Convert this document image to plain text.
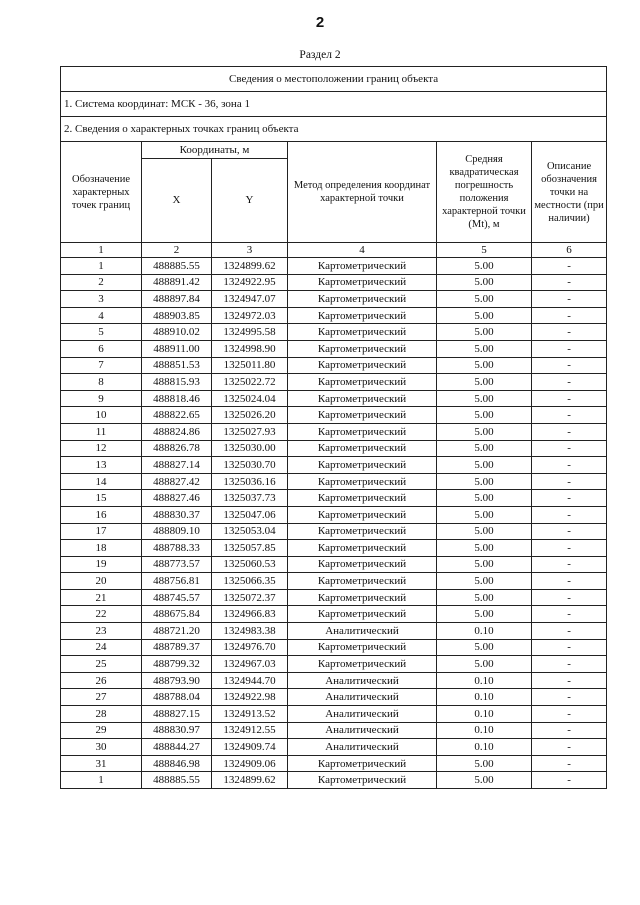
2
Раздел 2
Сведения о местоположении границ объекта					
1. Система координат: МСК - 36, зона 1					
2. Сведения о характерных точках границ объекта					
Обозначение характерных точек границ	Координаты, м		Метод определения координат характерной точки	Средняя квадратическая погрешность положения характерной точки (Mt), м	Описание обозначения точки на местности (при наличии)
	X	Y			
1	2	3	4	5	6
1	488885.55	1324899.62	Картометрический	5.00	-
2	488891.42	1324922.95	Картометрический	5.00	-
3	488897.84	1324947.07	Картометрический	5.00	-
4	488903.85	1324972.03	Картометрический	5.00	-
5	488910.02	1324995.58	Картометрический	5.00	-
6	488911.00	1324998.90	Картометрический	5.00	-
7	488851.53	1325011.80	Картометрический	5.00	-
8	488815.93	1325022.72	Картометрический	5.00	-
9	488818.46	1325024.04	Картометрический	5.00	-
10	488822.65	1325026.20	Картометрический	5.00	-
11	488824.86	1325027.93	Картометрический	5.00	-
12	488826.78	1325030.00	Картометрический	5.00	-
13	488827.14	1325030.70	Картометрический	5.00	-
14	488827.42	1325036.16	Картометрический	5.00	-
15	488827.46	1325037.73	Картометрический	5.00	-
16	488830.37	1325047.06	Картометрический	5.00	-
17	488809.10	1325053.04	Картометрический	5.00	-
18	488788.33	1325057.85	Картометрический	5.00	-
19	488773.57	1325060.53	Картометрический	5.00	-
20	488756.81	1325066.35	Картометрический	5.00	-
21	488745.57	1325072.37	Картометрический	5.00	-
22	488675.84	1324966.83	Картометрический	5.00	-
23	488721.20	1324983.38	Аналитический	0.10	-
24	488789.37	1324976.70	Картометрический	5.00	-
25	488799.32	1324967.03	Картометрический	5.00	-
26	488793.90	1324944.70	Аналитический	0.10	-
27	488788.04	1324922.98	Аналитический	0.10	-
28	488827.15	1324913.52	Аналитический	0.10	-
29	488830.97	1324912.55	Аналитический	0.10	-
30	488844.27	1324909.74	Аналитический	0.10	-
31	488846.98	1324909.06	Картометрический	5.00	-
1	488885.55	1324899.62	Картометрический	5.00	-
